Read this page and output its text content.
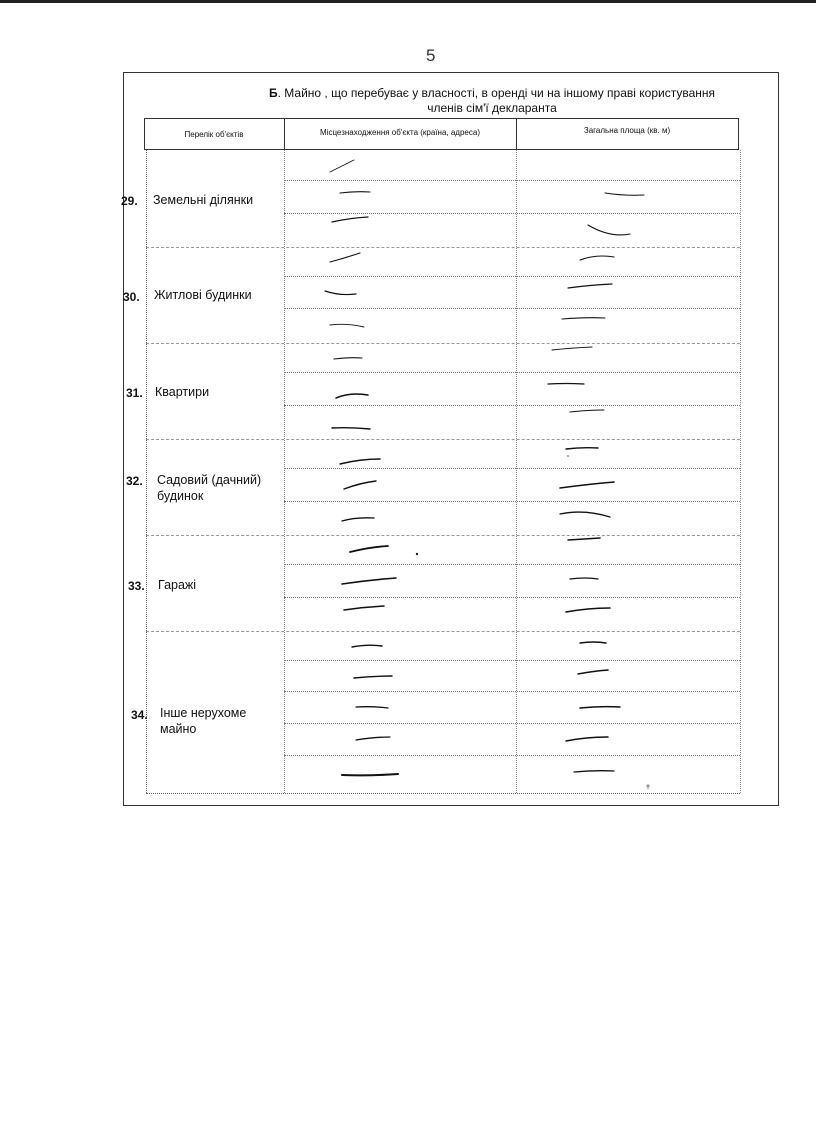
5
Б. Майно , що перебуває у власності, в оренді чи на іншому праві користування
членів сім'ї декларанта
Перелік об'єктів	Місцезнаходження об'єкта (країна, адреса)	Загальна площа (кв. м)
29. Земельні ділянки
30. Житлові будинки
31. Квартири
32. Садовий (дачний)
будинок
33. Гаражі
34. Інше нерухоме
майно
